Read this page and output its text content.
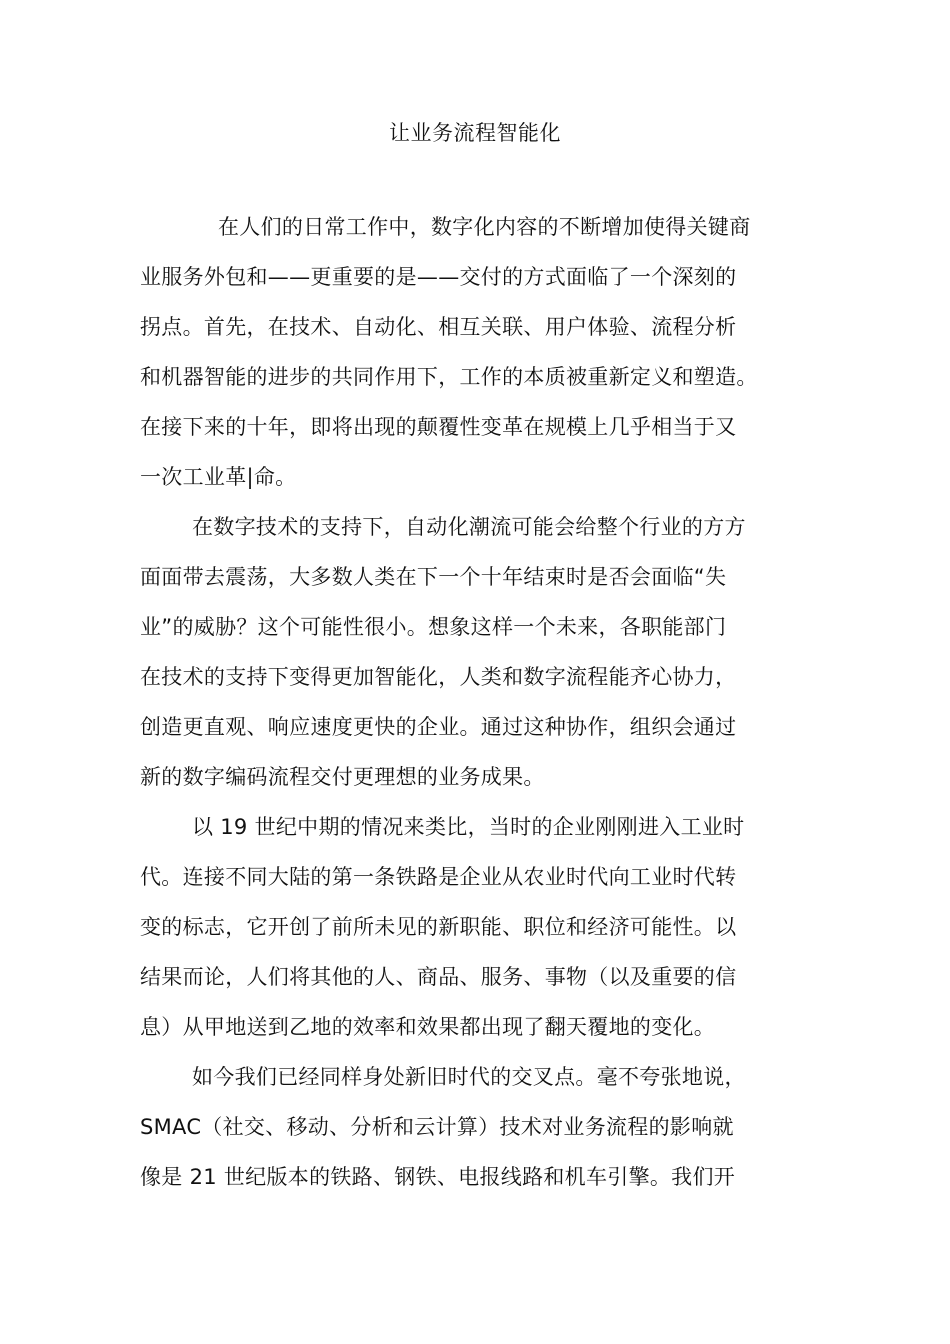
让业务流程智能化
在人们的日常工作中，数字化内容的不断增加使得关键商
业服务外包和——更重要的是——交付的方式面临了一个深刻的
拐点。首先，在技术、自动化、相互关联、用户体验、流程分析
和机器智能的进步的共同作用下，工作的本质被重新定义和塑造。
在接下来的十年，即将出现的颠覆性变革在规模上几乎相当于又
一次工业革|命。
在数字技术的支持下，自动化潮流可能会给整个行业的方方
面面带去震荡，大多数人类在下一个十年结束时是否会面临“失
业”的威胁？这个可能性很小。想象这样一个未来，各职能部门
在技术的支持下变得更加智能化，人类和数字流程能齐心协力，
创造更直观、响应速度更快的企业。通过这种协作，组织会通过
新的数字编码流程交付更理想的业务成果。
以 19 世纪中期的情况来类比，当时的企业刚刚进入工业时
代。连接不同大陆的第一条铁路是企业从农业时代向工业时代转
变的标志，它开创了前所未见的新职能、职位和经济可能性。以
结果而论，人们将其他的人、商品、服务、事物（以及重要的信
息）从甲地送到乙地的效率和效果都出现了翻天覆地的变化。
如今我们已经同样身处新旧时代的交叉点。毫不夸张地说，
SMAC（社交、移动、分析和云计算）技术对业务流程的影响就
像是 21 世纪版本的铁路、钢铁、电报线路和机车引擎。我们开
